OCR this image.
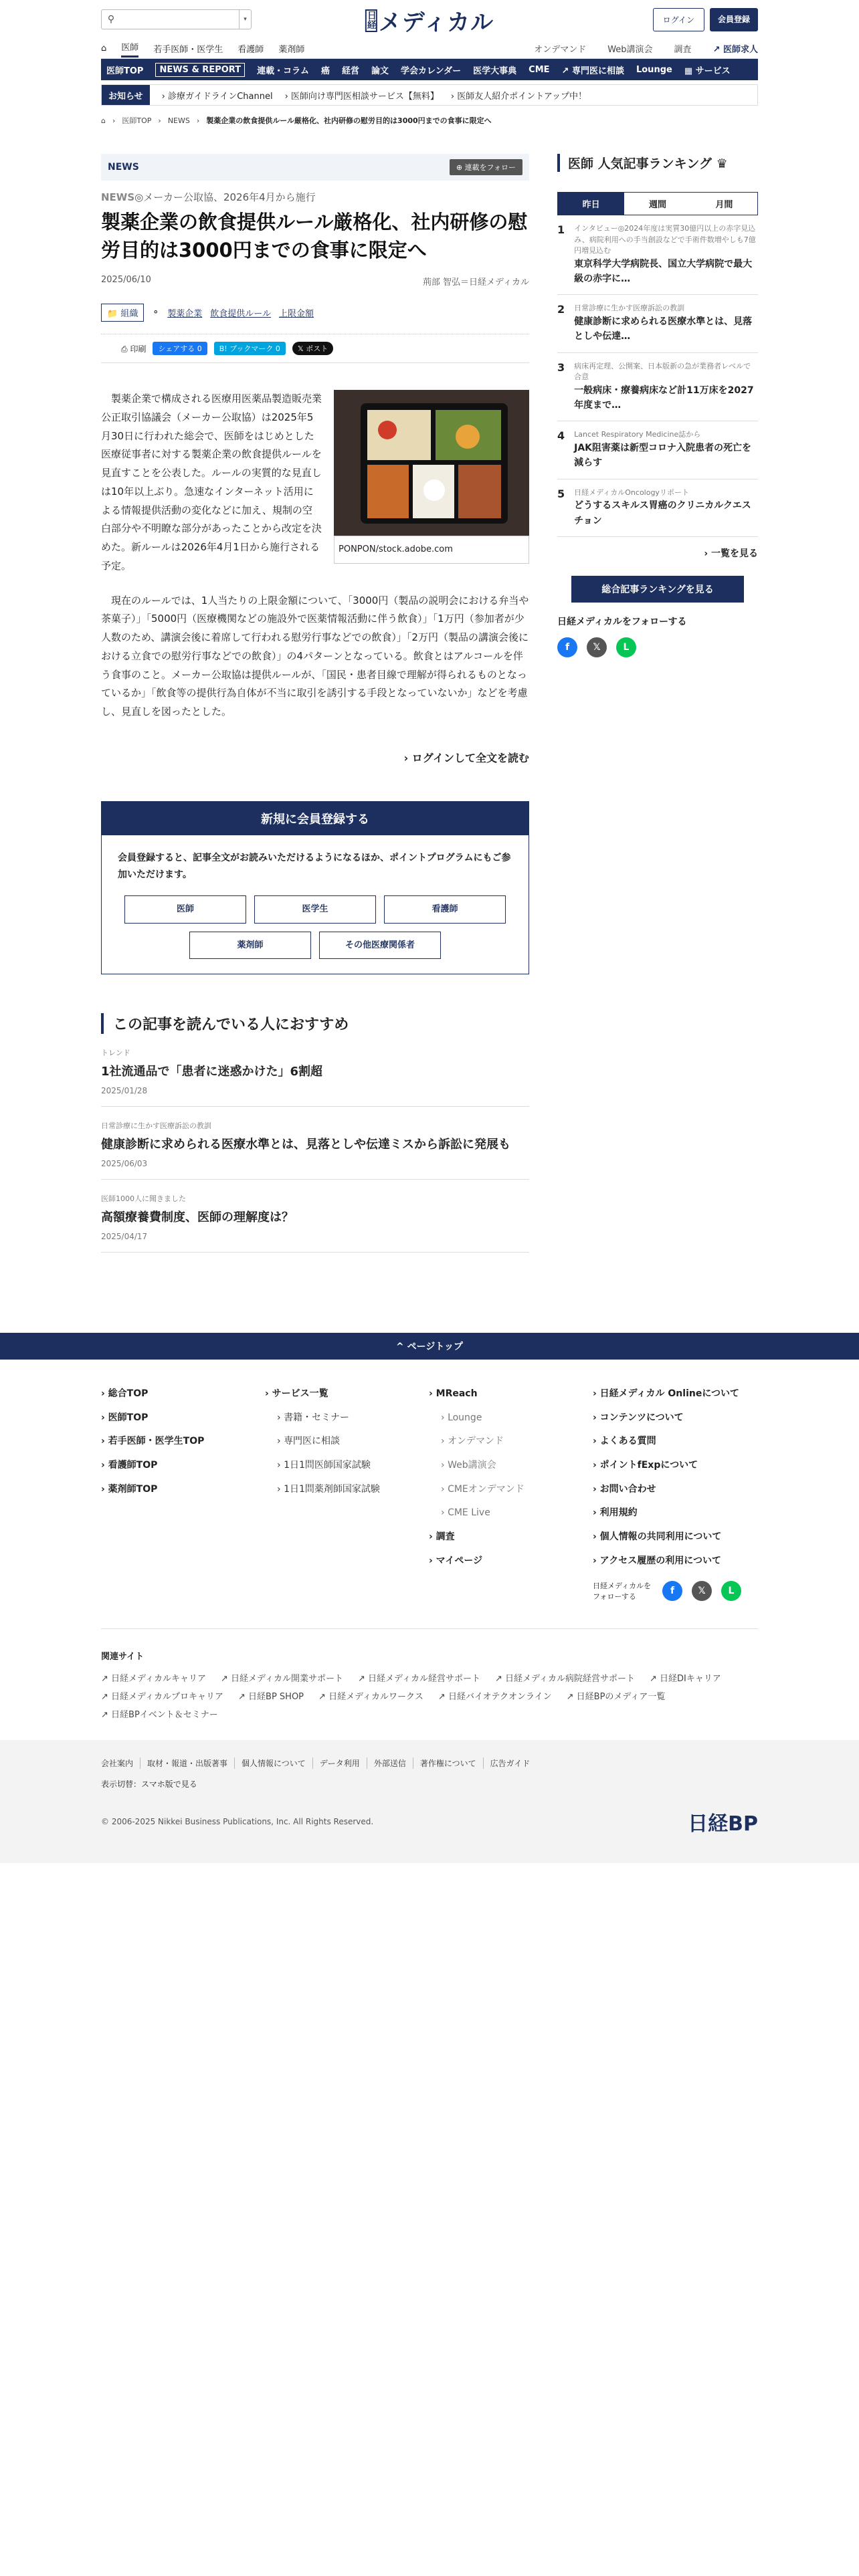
⚲	▾	日経 メディカル	ログイン	会員登録
⌂ 医師 若手医師・医学生 看護師 薬剤師	オンデマンド Web講演会 調査 ↗ 医師求人
医師TOP	NEWS & REPORT	連載・コラム 癌 経営 論文 学会カレンダー 医学大事典 CME ↗ 専門医に相談 Lounge ▦ サービス
お知らせ	› 診療ガイドラインChannel › 医師向け専門医相談サービス【無料】 › 医師友人紹介ポイントアップ中！
⌂ › 医師TOP › NEWS › 製薬企業の飲食提供ルール厳格化、社内研修の慰労目的は3000円までの食事に限定へ
NEWS	⊕ 連載をフォロー
NEWS◎メーカー公取協、2026年4月から施行
製薬企業の飲食提供ルール厳格化、社内研修の慰労目的は3000円までの食事に限定へ
2025/06/10	荊部 智弘＝日経メディカル
📁 組織	⚬ 製薬企業 飲食提供ルール 上限金額
⎙ 印刷	シェアする 0	B! ブックマーク 0	𝕏 ポスト
PONPON/stock.adobe.com

製薬企業で構成される医療用医薬品製造販売業公正取引協議会（メーカー公取協）は2025年5月30日に行われた総会で、医師をはじめとした医療従事者に対する製薬企業の飲食提供ルールを見直すことを公表した。ルールの実質的な見直しは10年以上ぶり。急速なインターネット活用による情報提供活動の変化などに加え、規制の空白部分や不明瞭な部分があったことから改定を決めた。新ルールは2026年4月1日から施行される予定。

現在のルールでは、1人当たりの上限金額について、「3000円（製品の説明会における弁当や茶菓子）」「5000円（医療機関などの施設外で医薬情報活動に伴う飲食）」「1万円（参加者が少人数のため、講演会後に着席して行われる慰労行事などでの飲食）」「2万円（製品の講演会後における立食での慰労行事などでの飲食）」の4パターンとなっている。飲食とはアルコールを伴う食事のこと。メーカー公取協は提供ルールが、「国民・患者目線で理解が得られるものとなっているか」「飲食等の提供行為自体が不当に取引を誘引する手段となっていないか」などを考慮し、見直しを図ったとした。

› ログインして全文を読む
新規に会員登録する

会員登録すると、記事全文がお読みいただけるようになるほか、ポイントプログラムにもご参加いただけます。

医師	医学生	看護師
薬剤師	その他医療関係者
この記事を読んでいる人におすすめ
トレンド
1社流通品で「患者に迷惑かけた」6割超
2025/01/28
日常診療に生かす医療訴訟の教訓
健康診断に求められる医療水準とは、見落としや伝達ミスから訴訟に発展も
2025/06/03
医師1000人に聞きました
高額療養費制度、医師の理解度は？
2025/04/17
医師 人気記事ランキング ♛
昨日	週間	月間
1 インタビュー◎2024年度は実質30億円以上の赤字見込み、病院利用への手当創設などで手術件数増やしも7億円増見込む
東京科学大学病院長、国立大学病院で最大級の赤字に…
2 日常診療に生かす医療訴訟の教訓
健康診断に求められる医療水準とは、見落としや伝達…
3 病床再定理、公開案、日本版新の急が業務者レベルで合意
一般病床・療養病床など計11万床を2027年度まで…
4 Lancet Respiratory Medicine誌から
JAK阻害薬は新型コロナ入院患者の死亡を減らす
5 日経メディカルOncologyリポート
どうするスキルス胃癌のクリニカルクエスチョン
› 一覧を見る
総合記事ランキングを見る
日経メディカルをフォローする
f	𝕏	L
^ ページトップ
› 総合TOP
› 医師TOP
› 若手医師・医学生TOP
› 看護師TOP
› 薬剤師TOP
› サービス一覧
› 書籍・セミナー
› 専門医に相談
› 1日1問医師国家試験
› 1日1問薬剤師国家試験
› MReach
› Lounge
› オンデマンド
› Web講演会
› CMEオンデマンド
› CME Live
› 調査
› マイページ
› 日経メディカル Onlineについて
› コンテンツについて
› よくある質問
› ポイントfExpについて
› お問い合わせ
› 利用規約
› 個人情報の共同利用について
› アクセス履歴の利用について
日経メディカルをフォローする
f	𝕏	L
関連サイト
↗ 日経メディカルキャリア ↗ 日経メディカル開業サポート ↗ 日経メディカル経営サポート ↗ 日経メディカル病院経営サポート ↗ 日経DIキャリア
↗ 日経メディカルプロキャリア ↗ 日経BP SHOP ↗ 日経メディカルワークス ↗ 日経バイオテクオンライン ↗ 日経BPのメディア一覧
↗ 日経BPイベント＆セミナー
会社案内	取材・報道・出版著事	個人情報について	データ利用	外部送信	著作権について	広告ガイド
表示切替：スマホ版で見る
© 2006-2025 Nikkei Business Publications, Inc. All Rights Reserved.	日経BP
